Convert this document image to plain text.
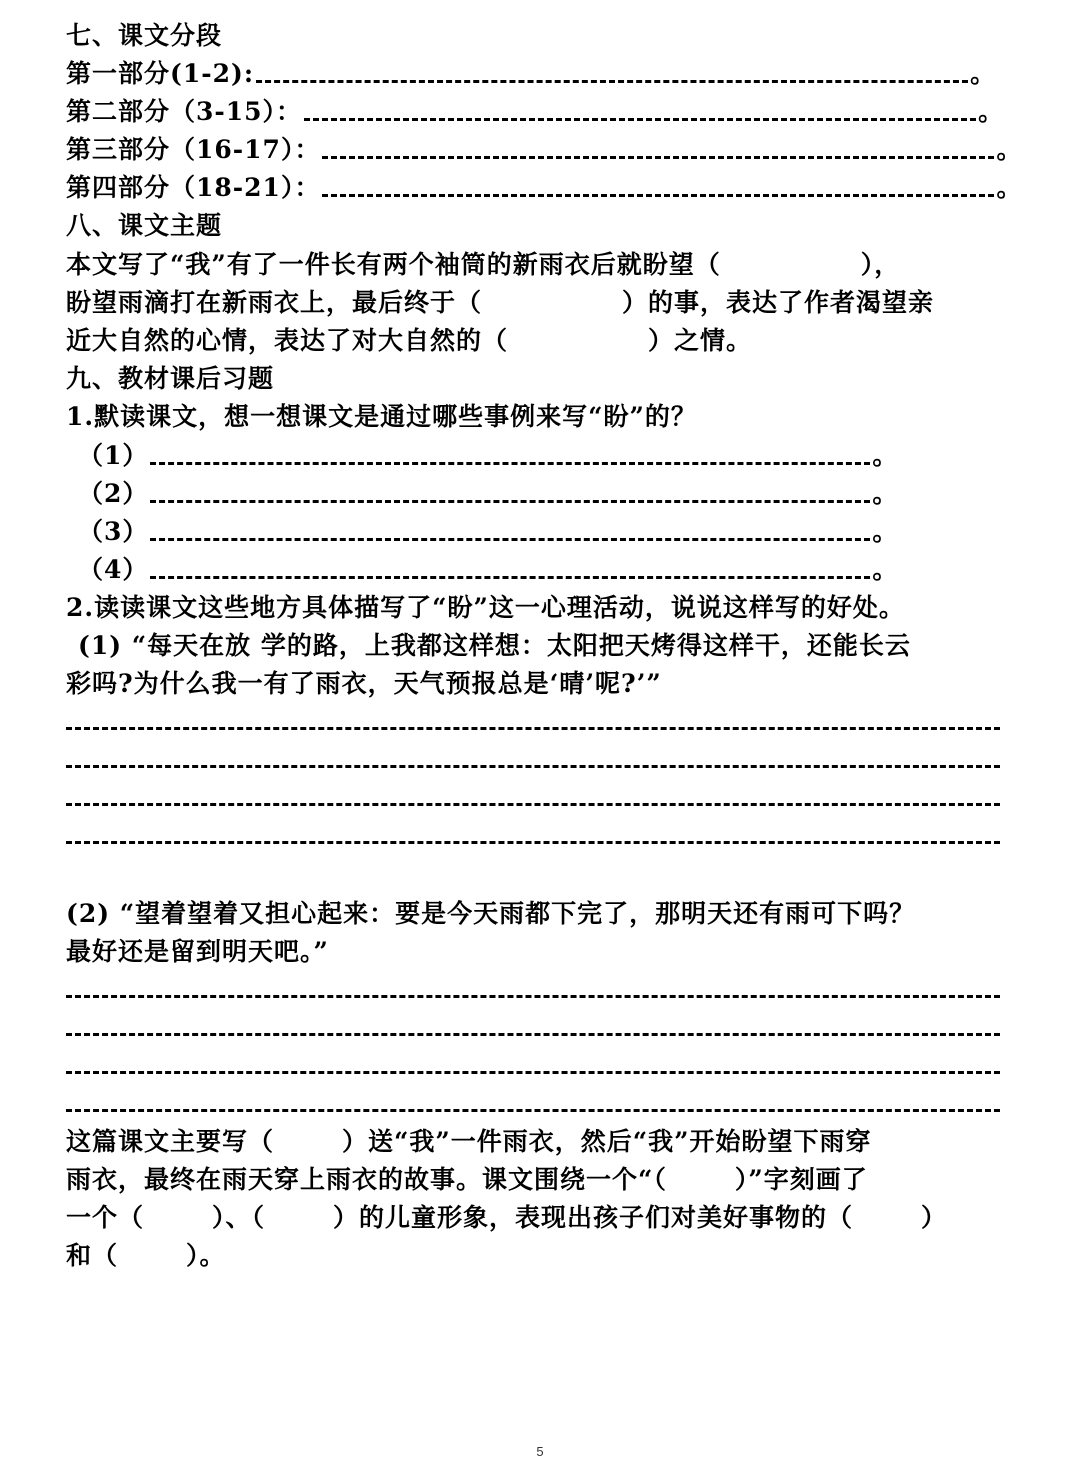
七、课文分段
第一部分(1-2):	。
第二部分（3-15）：	。
第三部分（16-17）：	。
第四部分（18-21）：	。
八、课文主题
本文写了“我”有了一件长有两个袖筒的新雨衣后就盼望（	），
盼望雨滴打在新雨衣上，最后终于（	）的事，表达了作者渴望亲
近大自然的心情，表达了对大自然的（	）之情。
九、教材课后习题
1.默读课文，想一想课文是通过哪些事例来写“盼”的？
（1）	。
（2）	。
（3）	。
（4）	。
2.读读课文这些地方具体描写了“盼”这一心理活动，说说这样写的好处。
(1) “每天在放 学的路，上我都这样想：太阳把天烤得这样干，还能长云
彩吗?为什么我一有了雨衣，天气预报总是‘晴’呢?’”
(2) “望着望着又担心起来：要是今天雨都下完了，那明天还有雨可下吗？
最好还是留到明天吧。”
这篇课文主要写（	）送“我”一件雨衣，然后“我”开始盼望下雨穿
雨衣，最终在雨天穿上雨衣的故事。课文围绕一个“（	）”字刻画了
一个（	）、（	）的儿童形象，表现出孩子们对美好事物的（	）
和（	）。
5
